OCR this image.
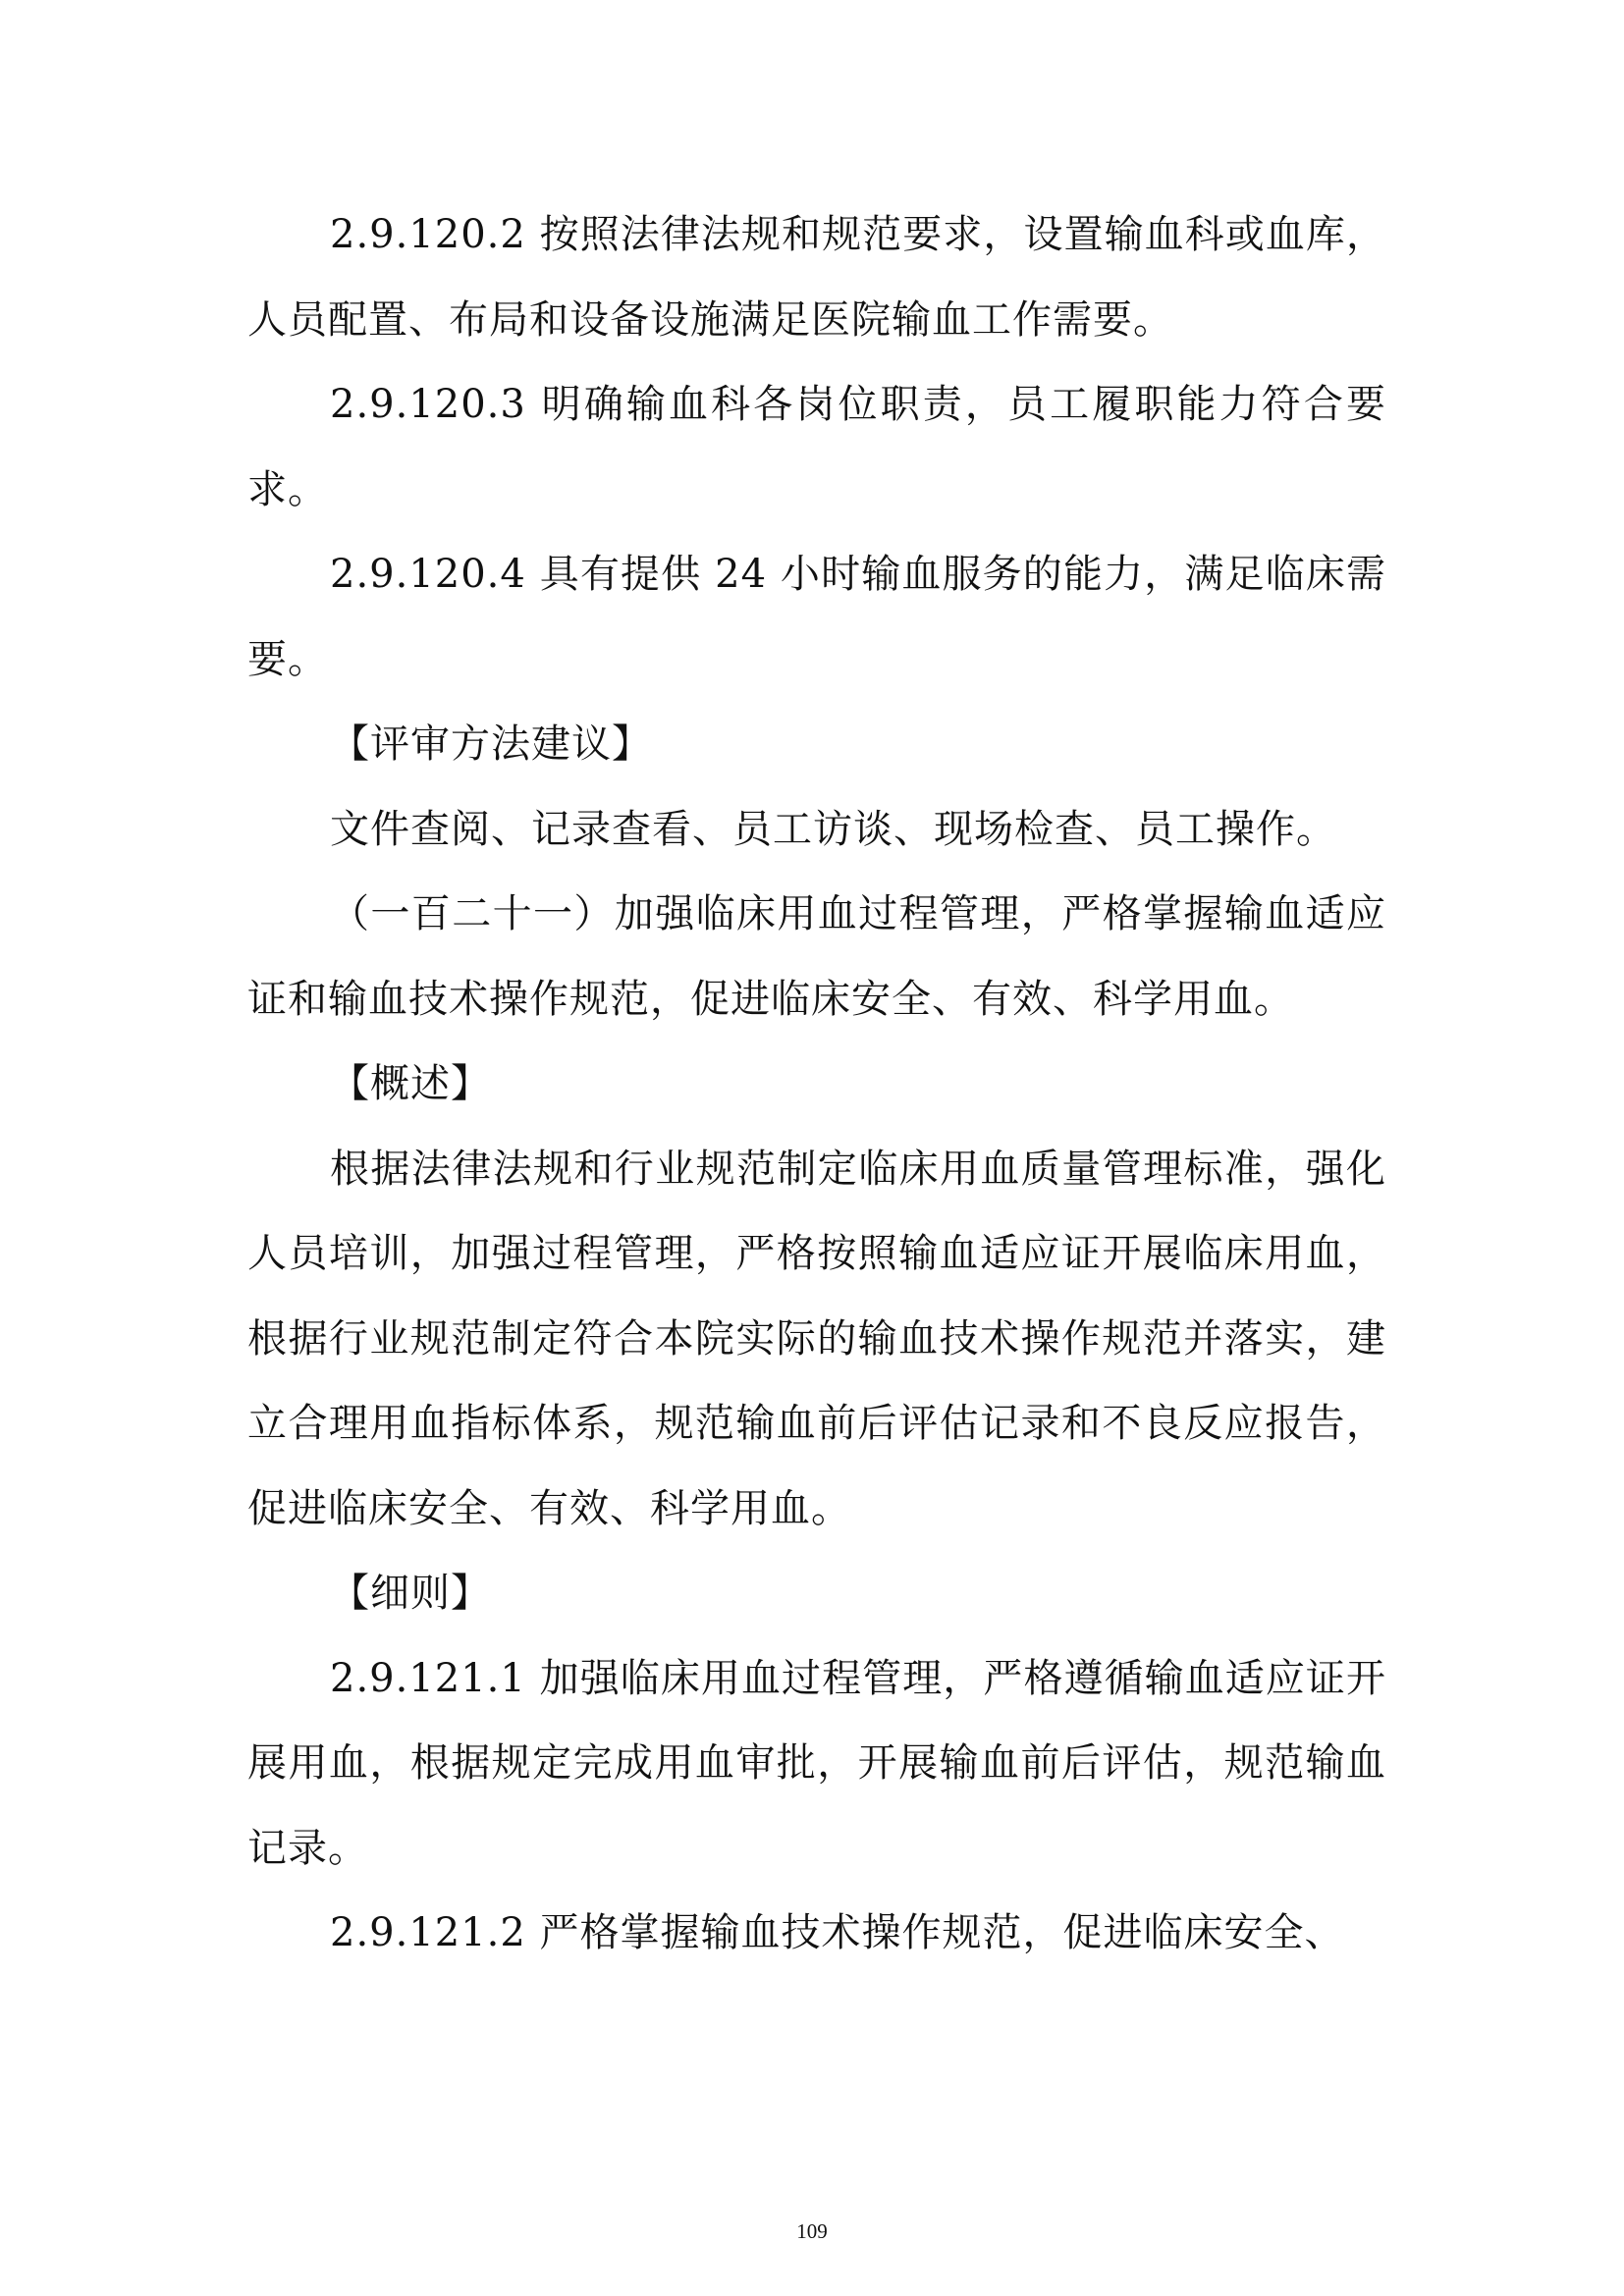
2.9.120.2 按照法律法规和规范要求，设置输血科或血库，人员配置、布局和设备设施满足医院输血工作需要。

2.9.120.3 明确输血科各岗位职责，员工履职能力符合要求。

2.9.120.4 具有提供 24 小时输血服务的能力，满足临床需要。

【评审方法建议】

文件查阅、记录查看、员工访谈、现场检查、员工操作。

（一百二十一）加强临床用血过程管理，严格掌握输血适应证和输血技术操作规范，促进临床安全、有效、科学用血。

【概述】

根据法律法规和行业规范制定临床用血质量管理标准，强化人员培训，加强过程管理，严格按照输血适应证开展临床用血，根据行业规范制定符合本院实际的输血技术操作规范并落实，建立合理用血指标体系，规范输血前后评估记录和不良反应报告，促进临床安全、有效、科学用血。

【细则】

2.9.121.1 加强临床用血过程管理，严格遵循输血适应证开展用血，根据规定完成用血审批，开展输血前后评估，规范输血记录。

2.9.121.2 严格掌握输血技术操作规范，促进临床安全、

109
